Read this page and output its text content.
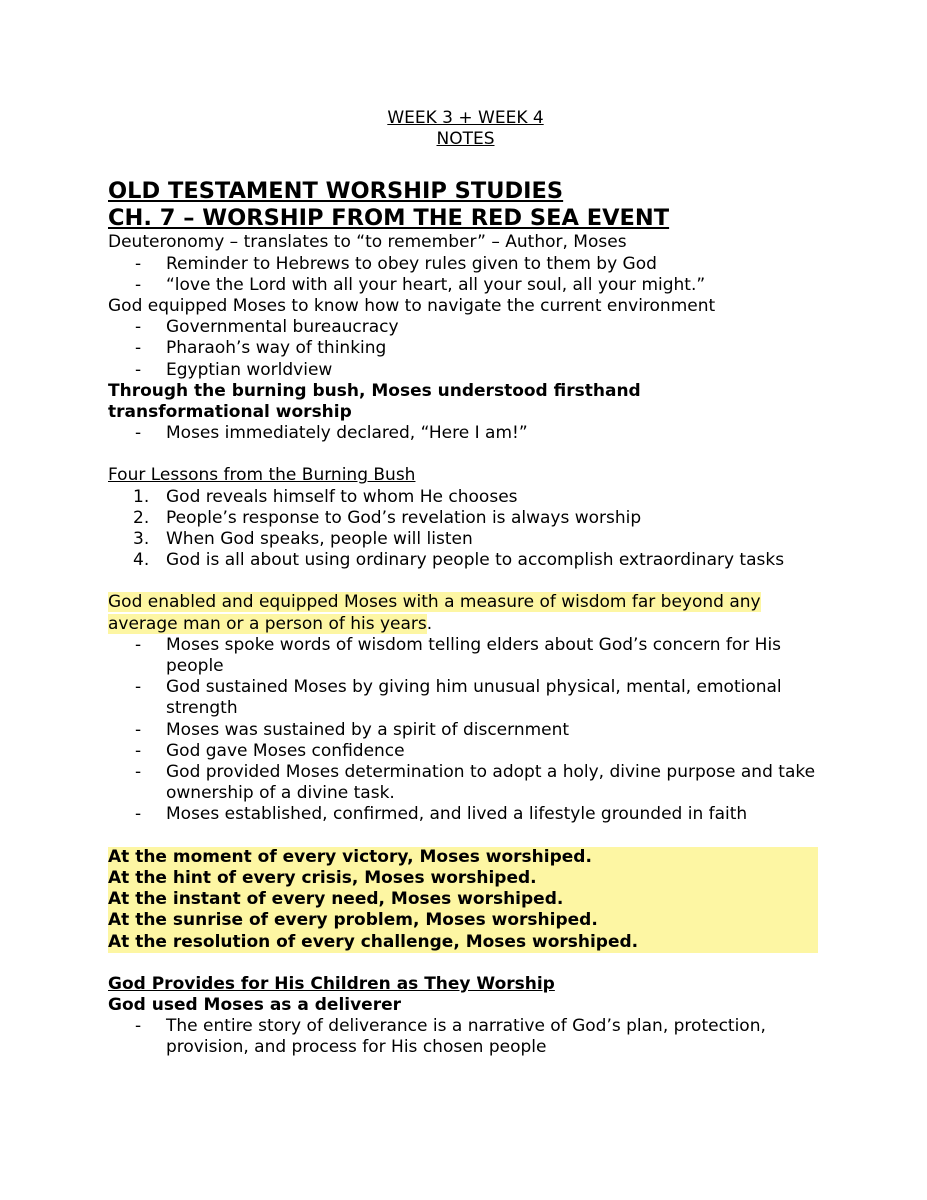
WEEK 3 + WEEK 4
NOTES
OLD TESTAMENT WORSHIP STUDIES
CH. 7 – WORSHIP FROM THE RED SEA EVENT
Deuteronomy – translates to “to remember” – Author, Moses
-	Reminder to Hebrews to obey rules given to them by God
-	“love the Lord with all your heart, all your soul, all your might.”
God equipped Moses to know how to navigate the current environment
-	Governmental bureaucracy
-	Pharaoh’s way of thinking
-	Egyptian worldview
Through the burning bush, Moses understood firsthand
transformational worship
-	Moses immediately declared, “Here I am!”
Four Lessons from the Burning Bush
1. God reveals himself to whom He chooses
2. People’s response to God’s revelation is always worship
3. When God speaks, people will listen
4. God is all about using ordinary people to accomplish extraordinary tasks
God enabled and equipped Moses with a measure of wisdom far beyond any average man or a person of his years.
-	Moses spoke words of wisdom telling elders about God’s concern for His people
-	God sustained Moses by giving him unusual physical, mental, emotional strength
-	Moses was sustained by a spirit of discernment
-	God gave Moses confidence
-	God provided Moses determination to adopt a holy, divine purpose and take ownership of a divine task.
-	Moses established, confirmed, and lived a lifestyle grounded in faith
At the moment of every victory, Moses worshiped.
At the hint of every crisis, Moses worshiped.
At the instant of every need, Moses worshiped.
At the sunrise of every problem, Moses worshiped.
At the resolution of every challenge, Moses worshiped.
God Provides for His Children as They Worship
God used Moses as a deliverer
-	The entire story of deliverance is a narrative of God’s plan, protection, provision, and process for His chosen people
